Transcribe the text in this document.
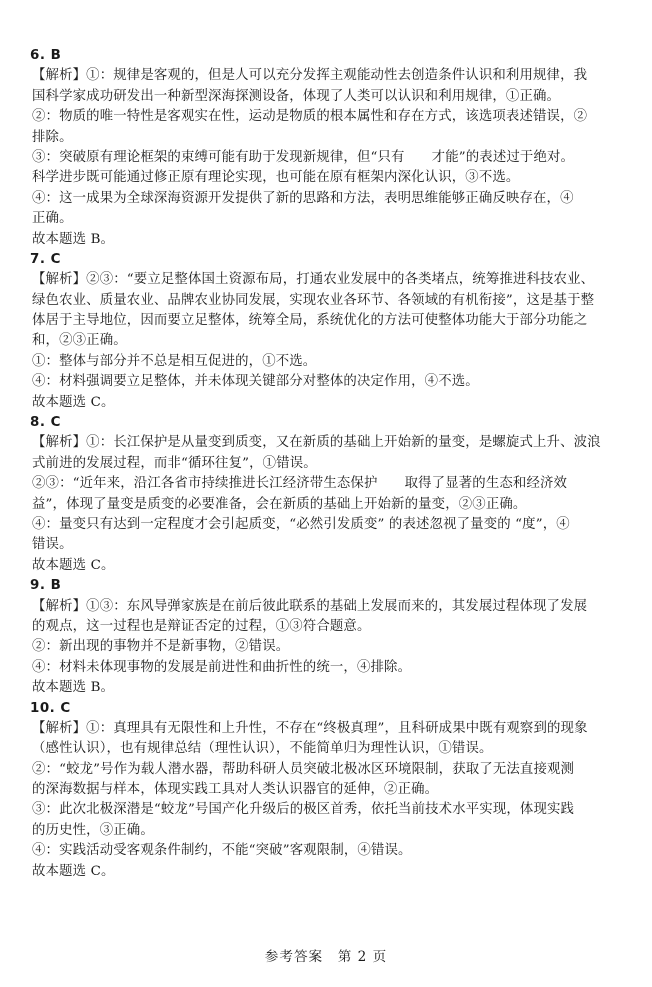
6. B
【解析】①：规律是客观的，但是人可以充分发挥主观能动性去创造条件认识和利用规律，我
国科学家成功研发出一种新型深海探测设备，体现了人类可以认识和利用规律，①正确。
②：物质的唯一特性是客观实在性，运动是物质的根本属性和存在方式，该选项表述错误，②
排除。
③：突破原有理论框架的束缚可能有助于发现新规律，但“只有　　才能”的表述过于绝对。
科学进步既可能通过修正原有理论实现，也可能在原有框架内深化认识，③不选。
④：这一成果为全球深海资源开发提供了新的思路和方法，表明思维能够正确反映存在，④
正确。
故本题选 B。
7. C
【解析】②③：“要立足整体国土资源布局，打通农业发展中的各类堵点，统筹推进科技农业、
绿色农业、质量农业、品牌农业协同发展，实现农业各环节、各领域的有机衔接”，这是基于整
体居于主导地位，因而要立足整体，统筹全局，系统优化的方法可使整体功能大于部分功能之
和，②③正确。
①：整体与部分并不总是相互促进的，①不选。
④：材料强调要立足整体，并未体现关键部分对整体的决定作用，④不选。
故本题选 C。
8. C
【解析】①：长江保护是从量变到质变，又在新质的基础上开始新的量变，是螺旋式上升、波浪
式前进的发展过程，而非“循环往复”，①错误。
②③：“近年来，沿江各省市持续推进长江经济带生态保护　　取得了显著的生态和经济效
益”，体现了量变是质变的必要准备，会在新质的基础上开始新的量变，②③正确。
④：量变只有达到一定程度才会引起质变，“必然引发质变” 的表述忽视了量变的 “度”，④
错误。
故本题选 C。
9. B
【解析】①③：东风导弹家族是在前后彼此联系的基础上发展而来的，其发展过程体现了发展
的观点，这一过程也是辩证否定的过程，①③符合题意。
②：新出现的事物并不是新事物，②错误。
④：材料未体现事物的发展是前进性和曲折性的统一，④排除。
故本题选 B。
10. C
【解析】①：真理具有无限性和上升性，不存在“终极真理”，且科研成果中既有观察到的现象
（感性认识），也有规律总结（理性认识），不能简单归为理性认识，①错误。
②：“蛟龙”号作为载人潜水器，帮助科研人员突破北极冰区环境限制，获取了无法直接观测
的深海数据与样本，体现实践工具对人类认识器官的延伸，②正确。
③：此次北极深潜是“蛟龙”号国产化升级后的极区首秀，依托当前技术水平实现，体现实践
的历史性，③正确。
④：实践活动受客观条件制约，不能“突破”客观限制，④错误。
故本题选 C。
参考答案　第 2 页
